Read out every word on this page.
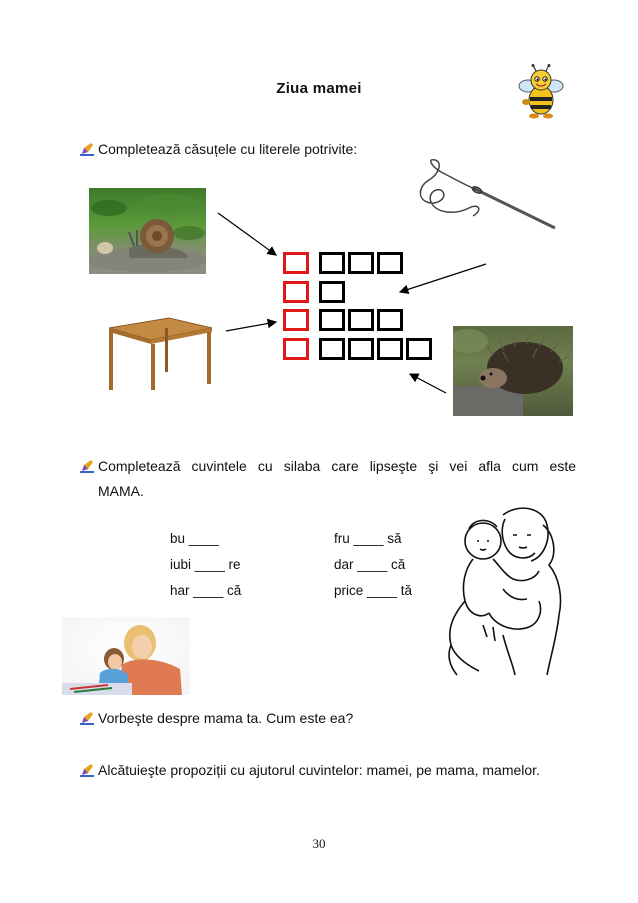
Ziua mamei
Completează căsuțele cu literele potrivite:
Completează cuvintele cu silaba care lipseşte şi vei afla cum este
MAMA.
bu ____
iubi ____ re
har ____ că
fru ____ să
dar ____ că
price ____ tă
Vorbeşte despre mama ta. Cum este ea?
Alcătuieşte propoziții cu ajutorul cuvintelor: mamei, pe mama, mamelor.
30
